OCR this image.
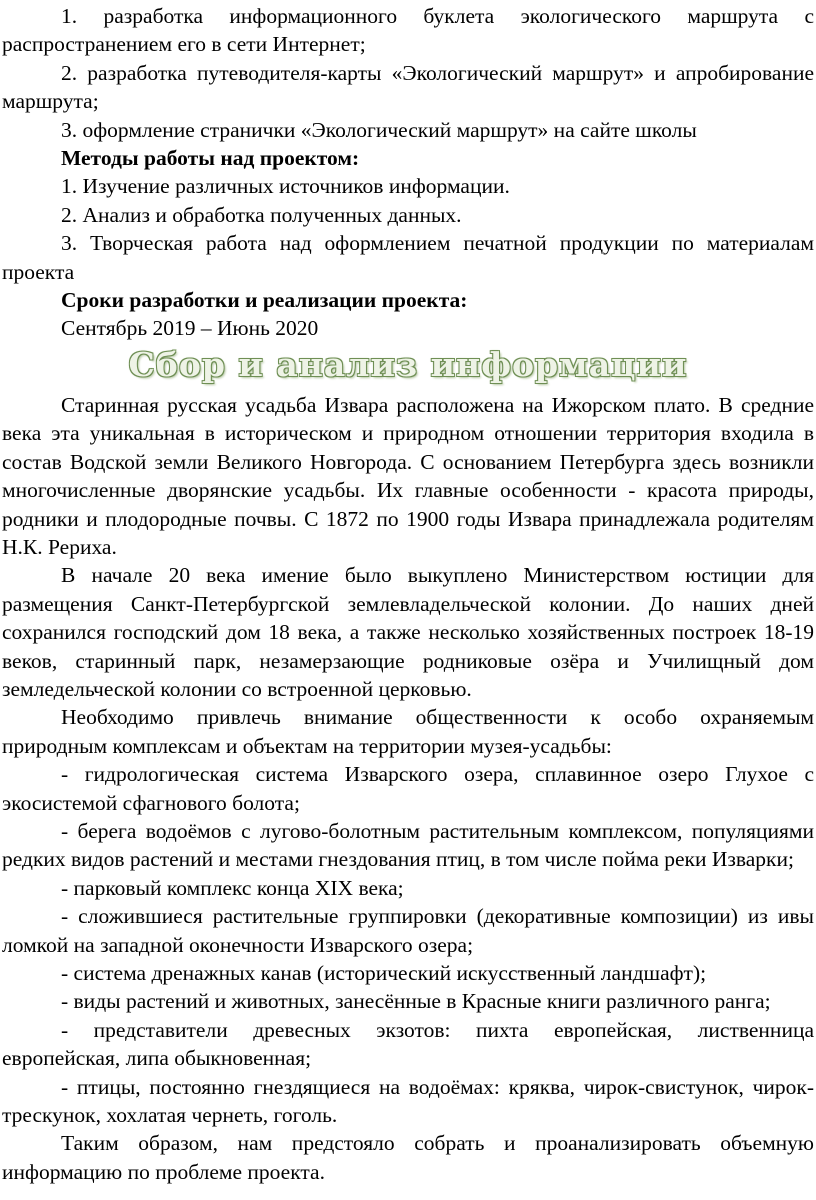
1. разработка информационного буклета экологического маршрута с распространением его в сети Интернет;

2. разработка путеводителя-карты «Экологический маршрут» и апробирование маршрута;

3. оформление странички «Экологический маршрут» на сайте школы

Методы работы над проектом:

1. Изучение различных источников информации.

2. Анализ и обработка полученных данных.

3. Творческая работа над оформлением печатной продукции по материалам проекта

Сроки разработки и реализации проекта:

Сентябрь 2019 – Июнь 2020

Сбор и анализ информации

Старинная русская усадьба Извара расположена на Ижорском плато. В средние века эта уникальная в историческом и природном отношении территория входила в состав Водской земли Великого Новгорода. С основанием Петербурга здесь возникли многочисленные дворянские усадьбы. Их главные особенности - красота природы, родники и плодородные почвы. С 1872 по 1900 годы Извара принадлежала родителям Н.К. Рериха.

В начале 20 века имение было выкуплено Министерством юстиции для размещения Санкт-Петербургской землевладельческой колонии. До наших дней сохранился господский дом 18 века, а также несколько хозяйственных построек 18-19 веков, старинный парк, незамерзающие родниковые озёра и Училищный дом земледельческой колонии со встроенной церковью.

Необходимо привлечь внимание общественности к особо охраняемым природным комплексам и объектам на территории музея-усадьбы:

- гидрологическая система Изварского озера, сплавинное озеро Глухое с экосистемой сфагнового болота;

- берега водоёмов с лугово-болотным растительным комплексом, популяциями редких видов растений и местами гнездования птиц, в том числе пойма реки Изварки;

- парковый комплекс конца XIX века;

- сложившиеся растительные группировки (декоративные композиции) из ивы ломкой на западной оконечности Изварского озера;

- система дренажных канав (исторический искусственный ландшафт);

- виды растений и животных, занесённые в Красные книги различного ранга;

- представители древесных экзотов: пихта европейская, лиственница европейская, липа обыкновенная;

- птицы, постоянно гнездящиеся на водоёмах: кряква, чирок-свистунок, чирок-трескунок, хохлатая чернеть, гоголь.

Таким образом, нам предстояло собрать и проанализировать объемную информацию по проблеме проекта.
